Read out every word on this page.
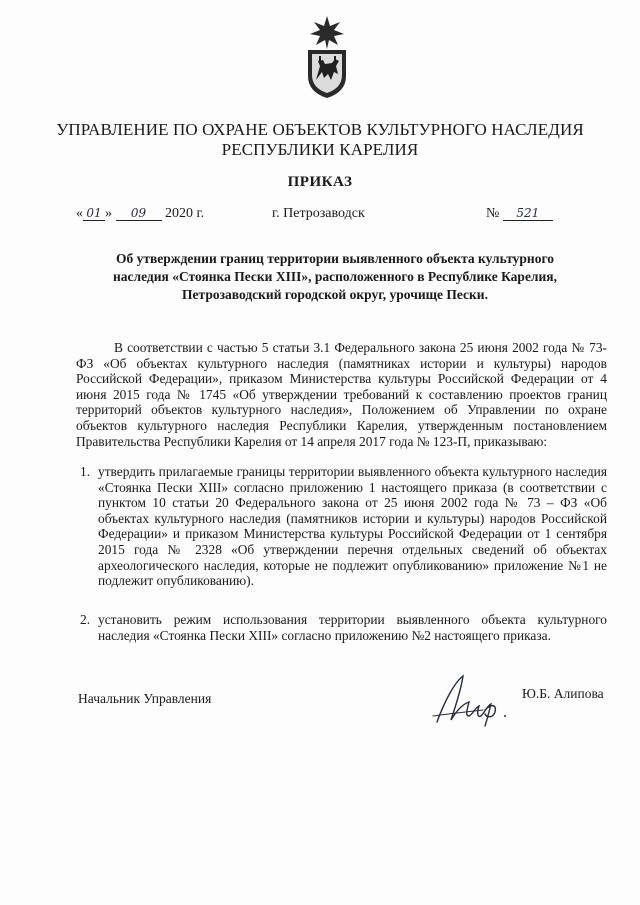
УПРАВЛЕНИЕ ПО ОХРАНЕ ОБЪЕКТОВ КУЛЬТУРНОГО НАСЛЕДИЯ
РЕСПУБЛИКИ КАРЕЛИЯ
ПРИКАЗ
« 01 » 09 2020 г.	г. Петрозаводск	№ 521
Об утверждении границ территории выявленного объекта культурного
наследия «Стоянка Пески XIII», расположенного в Республике Карелия,
Петрозаводский городской округ, урочище Пески.
В соответствии с частью 5 статьи 3.1 Федерального закона 25 июня 2002 года № 73-ФЗ «Об объектах культурного наследия (памятниках истории и культуры) народов Российской Федерации», приказом Министерства культуры Российской Федерации от 4 июня 2015 года № 1745 «Об утверждении требований к составлению проектов границ территорий объектов культурного наследия», Положением об Управлении по охране объектов культурного наследия Республики Карелия, утвержденным постановлением Правительства Республики Карелия от 14 апреля 2017 года № 123-П, приказываю:
1. утвердить прилагаемые границы территории выявленного объекта культурного наследия «Стоянка Пески XIII» согласно приложению 1 настоящего приказа (в соответствии с пунктом 10 статьи 20 Федерального закона от 25 июня 2002 года № 73 – ФЗ «Об объектах культурного наследия (памятников истории и культуры) народов Российской Федерации» и приказом Министерства культуры Российской Федерации от 1 сентября 2015 года № 2328 «Об утверждении перечня отдельных сведений об объектах археологического наследия, которые не подлежит опубликованию» приложение №1 не подлежит опубликованию).
2. установить режим использования территории выявленного объекта культурного наследия «Стоянка Пески XIII» согласно приложению №2 настоящего приказа.
Начальник Управления	Ю.Б. Алипова
